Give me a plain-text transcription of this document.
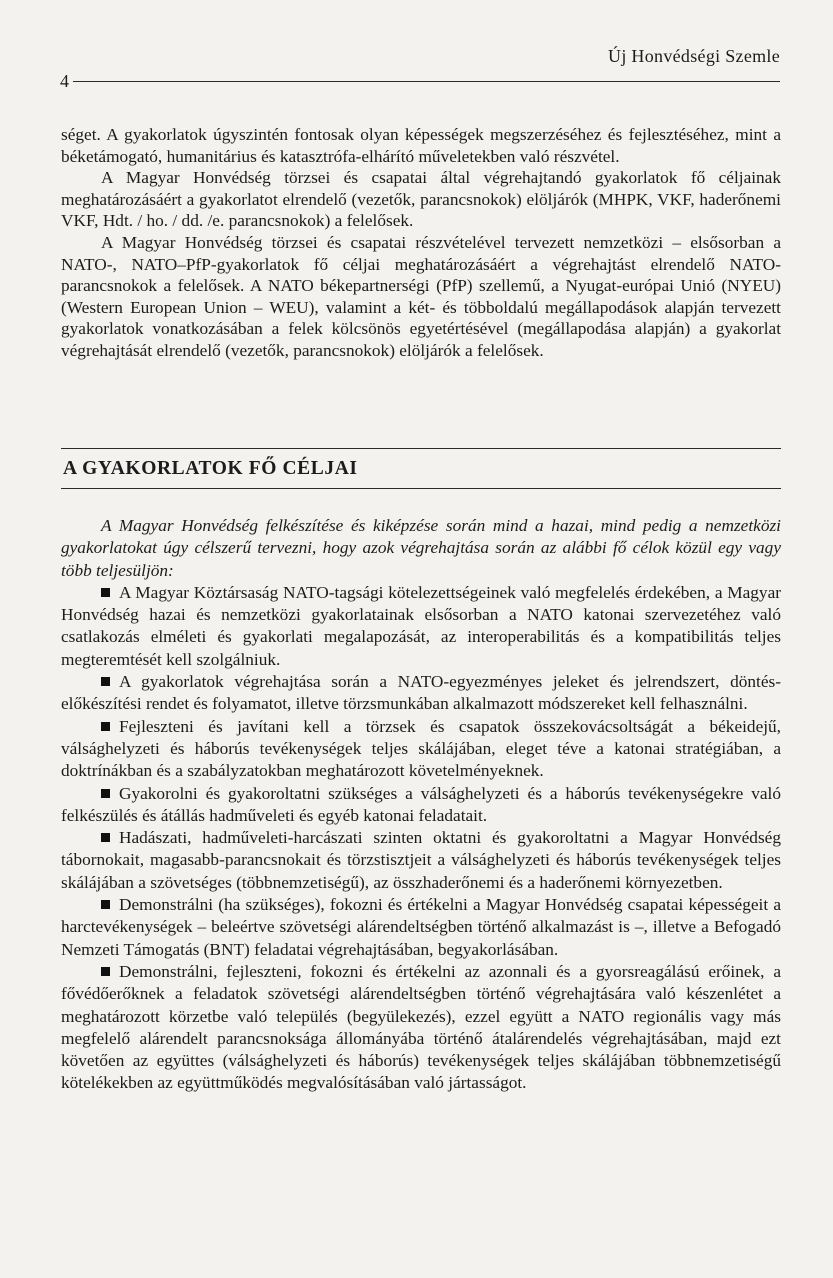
Új Honvédségi Szemle
4

séget. A gyakorlatok úgyszintén fontosak olyan képességek megszerzéséhez és fejlesztéséhez, mint a béketámogató, humanitárius és katasztrófa-elhárító műveletekben való részvétel.

A Magyar Honvédség törzsei és csapatai által végrehajtandó gyakorlatok fő céljainak meghatározásáért a gyakorlatot elrendelő (vezetők, parancsnokok) elöljárók (MHPK, VKF, haderőnemi VKF, Hdt. / ho. / dd. /e. parancsnokok) a felelősek.

A Magyar Honvédség törzsei és csapatai részvételével tervezett nemzetközi – elsősorban a NATO-, NATO–PfP-gyakorlatok fő céljai meghatározásáért a végrehajtást elrendelő NATO-parancsnokok a felelősek. A NATO békepartnerségi (PfP) szellemű, a Nyugat-európai Unió (NYEU) (Western European Union – WEU), valamint a két- és többoldalú megállapodások alapján tervezett gyakorlatok vonatkozásában a felek kölcsönös egyetértésével (megállapodása alapján) a gyakorlat végrehajtását elrendelő (vezetők, parancsnokok) elöljárók a felelősek.

A GYAKORLATOK FŐ CÉLJAI

A Magyar Honvédség felkészítése és kiképzése során mind a hazai, mind pedig a nemzetközi gyakorlatokat úgy célszerű tervezni, hogy azok végrehajtása során az alábbi fő célok közül egy vagy több teljesüljön:

A Magyar Köztársaság NATO-tagsági kötelezettségeinek való megfelelés érdekében, a Magyar Honvédség hazai és nemzetközi gyakorlatainak elsősorban a NATO katonai szervezetéhez való csatlakozás elméleti és gyakorlati megalapozását, az interoperabilitás és a kompatibilitás teljes megteremtését kell szolgálniuk.

A gyakorlatok végrehajtása során a NATO-egyezményes jeleket és jelrendszert, döntés-előkészítési rendet és folyamatot, illetve törzsmunkában alkalmazott módszereket kell felhasználni.

Fejleszteni és javítani kell a törzsek és csapatok összekovácsoltságát a békeidejű, válsághelyzeti és háborús tevékenységek teljes skálájában, eleget téve a katonai stratégiában, a doktrínákban és a szabályzatokban meghatározott követelményeknek.

Gyakorolni és gyakoroltatni szükséges a válsághelyzeti és a háborús tevékenységekre való felkészülés és átállás hadműveleti és egyéb katonai feladatait.

Hadászati, hadműveleti-harcászati szinten oktatni és gyakoroltatni a Magyar Honvédség tábornokait, magasabb-parancsnokait és törzstisztjeit a válsághelyzeti és háborús tevékenységek teljes skálájában a szövetséges (többnemzetiségű), az összhaderőnemi és a haderőnemi környezetben.

Demonstrálni (ha szükséges), fokozni és értékelni a Magyar Honvédség csapatai képességeit a harctevékenységek – beleértve szövetségi alárendeltségben történő alkalmazást is –, illetve a Befogadó Nemzeti Támogatás (BNT) feladatai végrehajtásában, begyakorlásában.

Demonstrálni, fejleszteni, fokozni és értékelni az azonnali és a gyorsreagálású erőinek, a fővédőerőknek a feladatok szövetségi alárendeltségben történő végrehajtására való készenlétet a meghatározott körzetbe való település (begyülekezés), ezzel együtt a NATO regionális vagy más megfelelő alárendelt parancsnoksága állományába történő átalárendelés végrehajtásában, majd ezt követően az együttes (válsághelyzeti és háborús) tevékenységek teljes skálájában többnemzetiségű kötelékekben az együttműködés megvalósításában való jártasságot.
